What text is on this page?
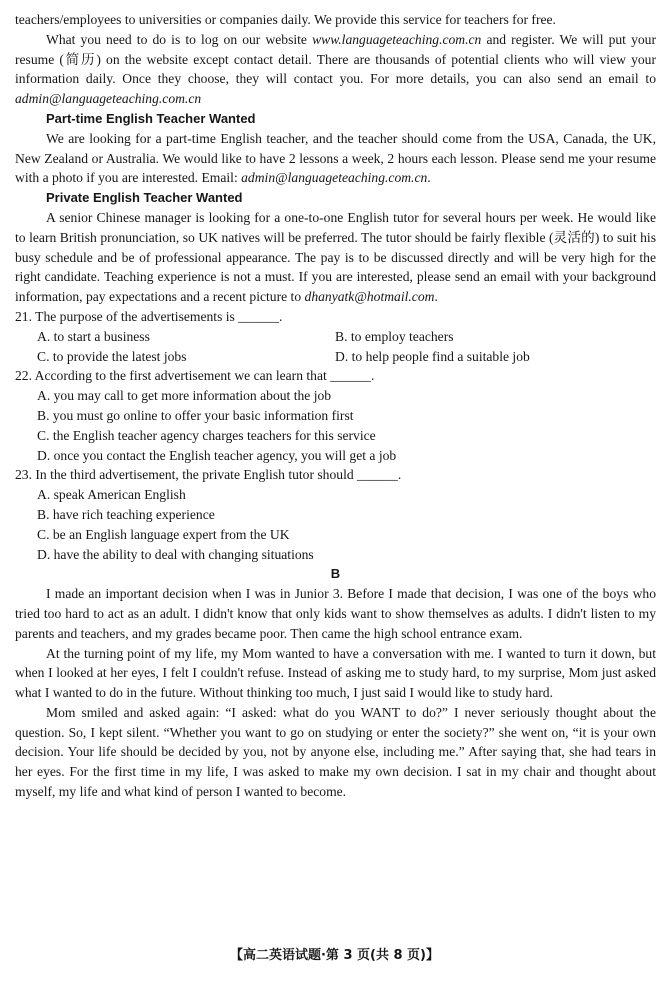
teachers/employees to universities or companies daily. We provide this service for teachers for free.

What you need to do is to log on our website www.languageteaching.com.cn and register. We will put your resume (简历) on the website except contact detail. There are thousands of potential clients who will view your information daily. Once they choose, they will contact you. For more details, you can also send an email to admin@languageteaching.com.cn

Part-time English Teacher Wanted

We are looking for a part-time English teacher, and the teacher should come from the USA, Canada, the UK, New Zealand or Australia. We would like to have 2 lessons a week, 2 hours each lesson. Please send me your resume with a photo if you are interested. Email: admin@languageteaching.com.cn.

Private English Teacher Wanted

A senior Chinese manager is looking for a one-to-one English tutor for several hours per week. He would like to learn British pronunciation, so UK natives will be preferred. The tutor should be fairly flexible (灵活的) to suit his busy schedule and be of professional appearance. The pay is to be discussed directly and will be very high for the right candidate. Teaching experience is not a must. If you are interested, please send an email with your background information, pay expectations and a recent picture to dhanyatk@hotmail.com.

21. The purpose of the advertisements is ______.

A. to start a business	B. to employ teachers
C. to provide the latest jobs	D. to help people find a suitable job

22. According to the first advertisement we can learn that ______.

A. you may call to get more information about the job

B. you must go online to offer your basic information first

C. the English teacher agency charges teachers for this service

D. once you contact the English teacher agency, you will get a job

23. In the third advertisement, the private English tutor should ______.

A. speak American English

B. have rich teaching experience

C. be an English language expert from the UK

D. have the ability to deal with changing situations

B

I made an important decision when I was in Junior 3. Before I made that decision, I was one of the boys who tried too hard to act as an adult. I didn't know that only kids want to show themselves as adults. I didn't listen to my parents and teachers, and my grades became poor. Then came the high school entrance exam.

At the turning point of my life, my Mom wanted to have a conversation with me. I wanted to turn it down, but when I looked at her eyes, I felt I couldn't refuse. Instead of asking me to study hard, to my surprise, Mom just asked what I wanted to do in the future. Without thinking too much, I just said I would like to study hard.

Mom smiled and asked again: “I asked: what do you WANT to do?” I never seriously thought about the question. So, I kept silent. “Whether you want to go on studying or enter the society?” she went on, “it is your own decision. Your life should be decided by you, not by anyone else, including me.” After saying that, she had tears in her eyes. For the first time in my life, I was asked to make my own decision. I sat in my chair and thought about myself, my life and what kind of person I wanted to become.

【高二英语试题·第 3 页(共 8 页)】
